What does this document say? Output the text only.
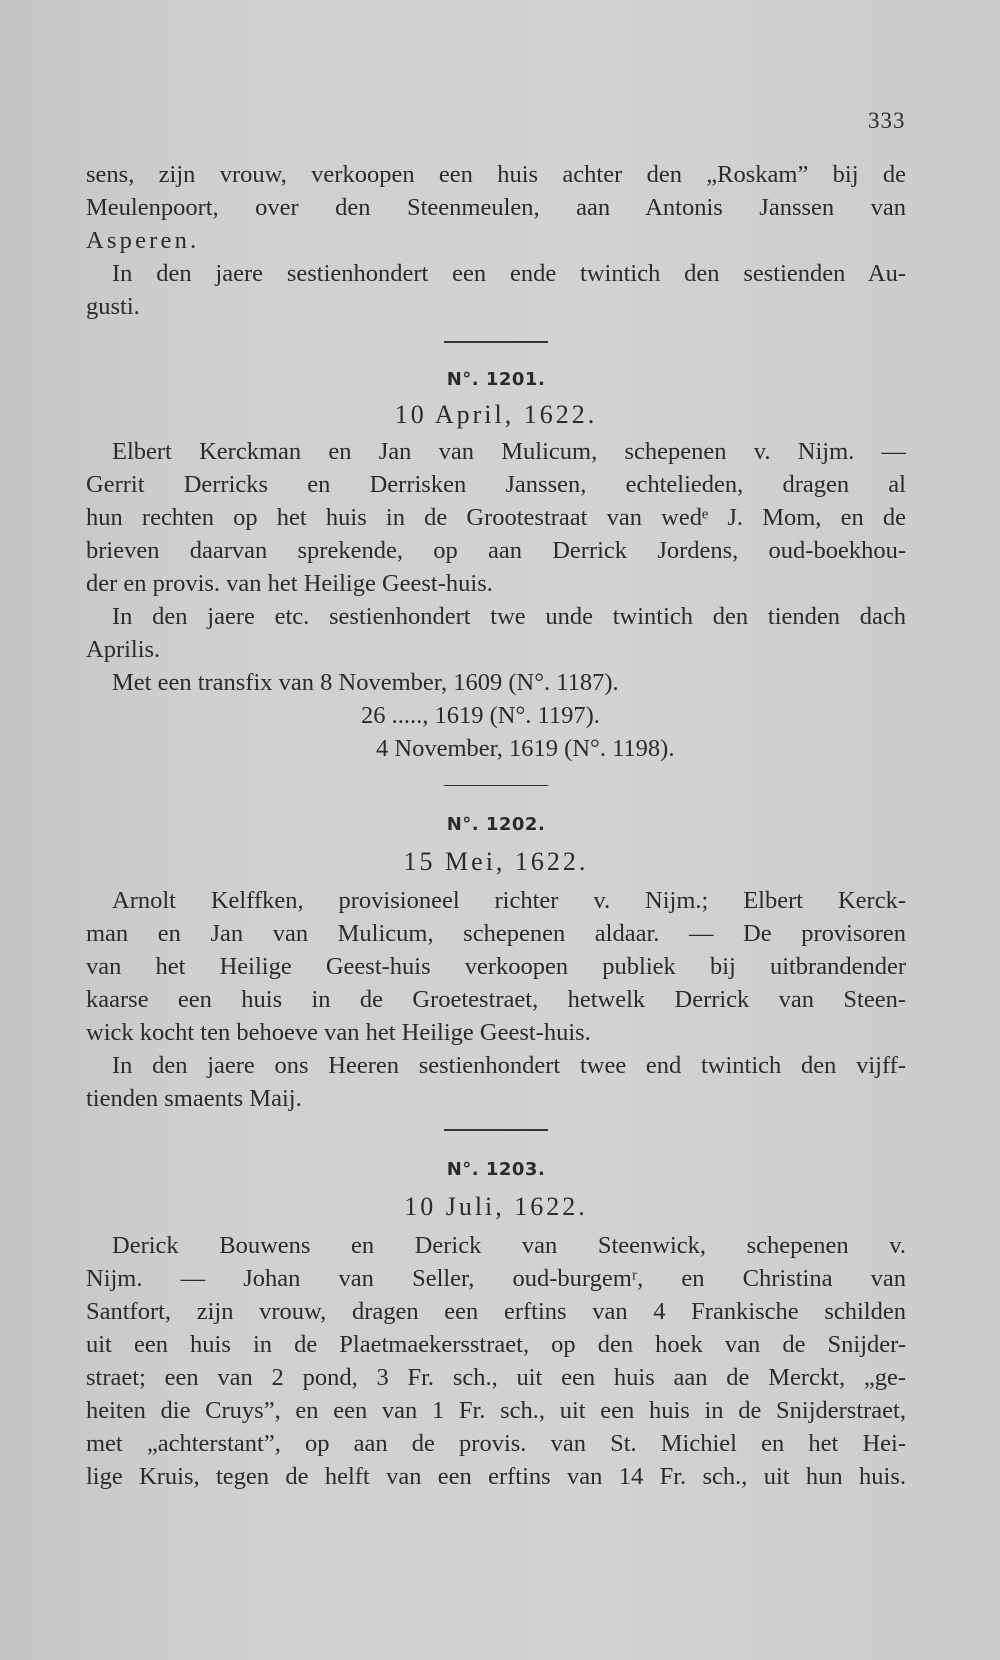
333
sens, zijn vrouw, verkoopen een huis achter den „Roskam” bij de
Meulenpoort, over den Steenmeulen, aan Antonis Janssen van
Asperen.
In den jaere sestienhondert een ende twintich den sestienden Au-
gusti.
N°. 1201.
10 April, 1622.
Elbert Kerckman en Jan van Mulicum, schepenen v. Nijm. —
Gerrit Derricks en Derrisken Janssen, echtelieden, dragen al
hun rechten op het huis in de Grootestraat van wedᵉ J. Mom, en de
brieven daarvan sprekende, op aan Derrick Jordens, oud-boekhou-
der en provis. van het Heilige Geest-huis.
In den jaere etc. sestienhondert twe unde twintich den tienden dach
Aprilis.
Met een transfix van 8 November, 1609 (N°. 1187).
26 ....., 1619 (N°. 1197).
4 November, 1619 (N°. 1198).
N°. 1202.
15 Mei, 1622.
Arnolt Kelffken, provisioneel richter v. Nijm.; Elbert Kerck-
man en Jan van Mulicum, schepenen aldaar. — De provisoren
van het Heilige Geest-huis verkoopen publiek bij uitbrandender
kaarse een huis in de Groetestraet, hetwelk Derrick van Steen-
wick kocht ten behoeve van het Heilige Geest-huis.
In den jaere ons Heeren sestienhondert twee end twintich den vijff-
tienden smaents Maij.
N°. 1203.
10 Juli, 1622.
Derick Bouwens en Derick van Steenwick, schepenen v.
Nijm. — Johan van Seller, oud-burgemʳ, en Christina van
Santfort, zijn vrouw, dragen een erftins van 4 Frankische schilden
uit een huis in de Plaetmaekersstraet, op den hoek van de Snijder-
straet; een van 2 pond, 3 Fr. sch., uit een huis aan de Merckt, „ge-
heiten die Cruys”, en een van 1 Fr. sch., uit een huis in de Snijderstraet,
met „achterstant”, op aan de provis. van St. Michiel en het Hei-
lige Kruis, tegen de helft van een erftins van 14 Fr. sch., uit hun huis.
